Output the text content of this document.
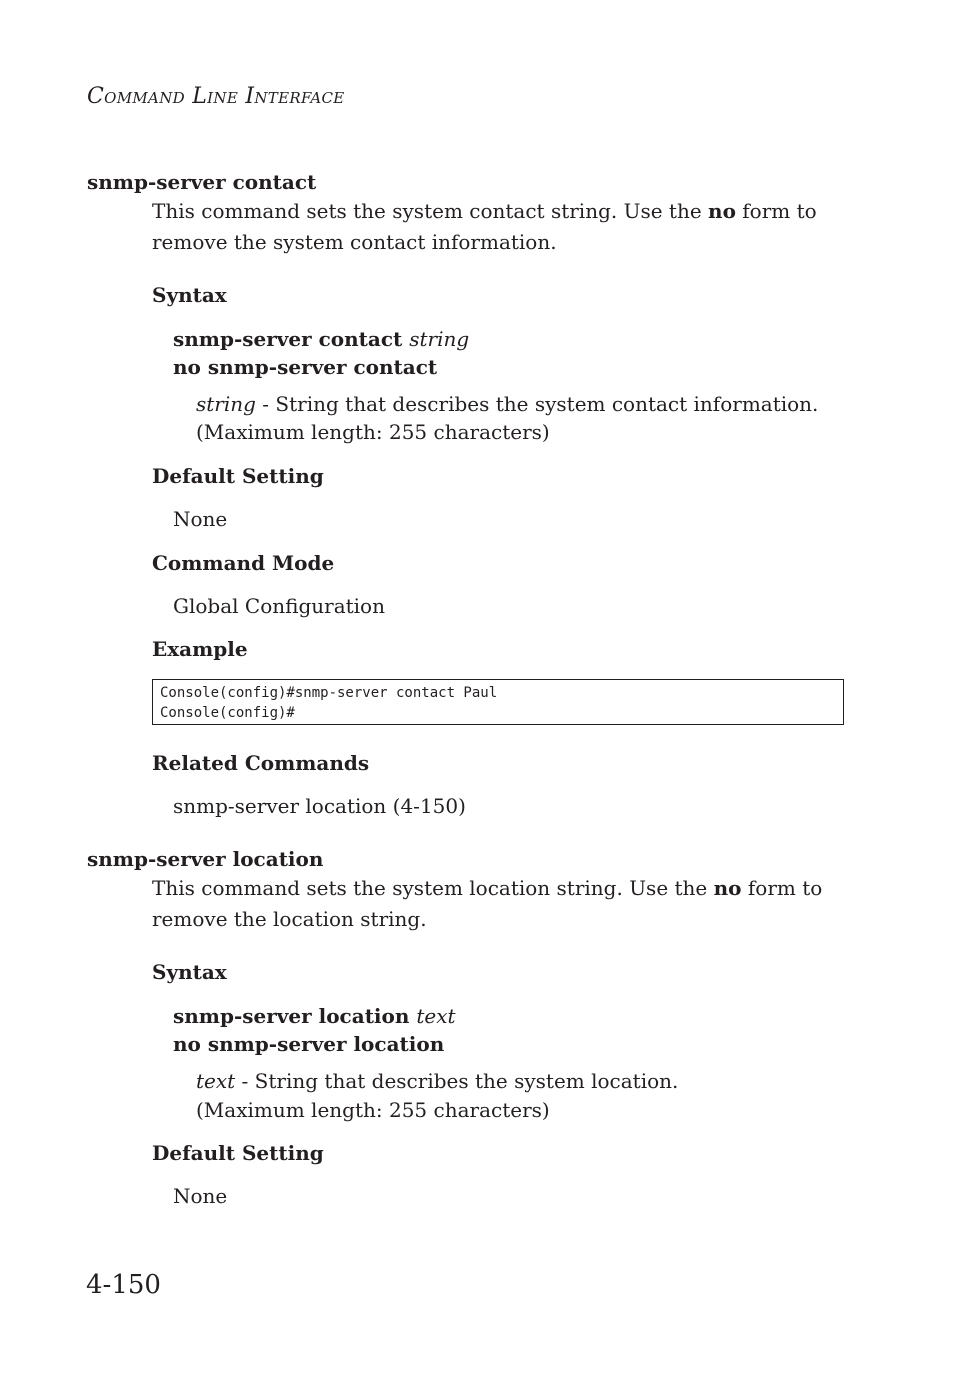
COMMAND LINE INTERFACE
snmp-server contact
This command sets the system contact string. Use the no form to remove the system contact information.
Syntax
snmp-server contact string
no snmp-server contact
string - String that describes the system contact information.
(Maximum length: 255 characters)
Default Setting
None
Command Mode
Global Configuration
Example
Console(config)#snmp-server contact Paul
Console(config)#
Related Commands
snmp-server location (4-150)
snmp-server location
This command sets the system location string. Use the no form to remove the location string.
Syntax
snmp-server location text
no snmp-server location
text - String that describes the system location.
(Maximum length: 255 characters)
Default Setting
None
4-150
